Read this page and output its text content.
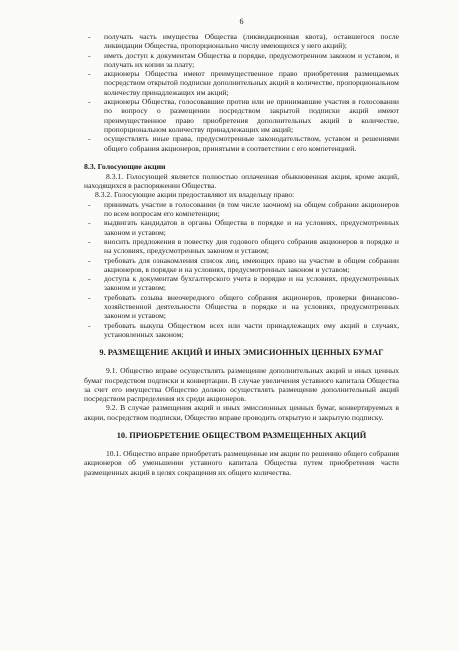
6
- получать часть имущества Общества (ликвидационная квота), оставшегося после ликвидации Общества, пропорционально числу имеющихся у него акций);
- иметь доступ к документам Общества в порядке, предусмотренном законом и уставом, и получать их копии за плату;
- акционеры Общества имеют преимущественное право приобретения размещаемых посредством открытой подписки дополнительных акций в количестве, пропорциональном количеству принадлежащих им акций;
- акционеры Общества, голосовавшие против или не принимавшие участия в голосовании по вопросу о размещении посредством закрытой подписки акций имеют преимущественное право приобретения дополнительных акций в количестве, пропорциональном количеству принадлежащих им акций;
- осуществлять иные права, предусмотренные законодательством, уставом и решениями общего собрания акционеров, принятыми в соответствии с его компетенцией.
8.3. Голосующие акции

8.3.1. Голосующей является полностью оплаченная обыкновенная акция, кроме акций, находящихся в распоряжении Общества.

8.3.2. Голосующие акции предоставляют их владельцу право:

- принимать участие в голосовании (в том числе заочном) на общем собрании акционеров по всем вопросам его компетенции;
- выдвигать кандидатов в органы Общества в порядке и на условиях, предусмотренных законом и уставом;
- вносить предложения в повестку дня годового общего собрания акционеров в порядке и на условиях, предусмотренных законом и уставом;
- требовать для ознакомления список лиц, имеющих право на участие в общем собрании акционеров, в порядке и на условиях, предусмотренных законом и уставом;
- доступа к документам бухгалтерского учета в порядке и на условиях, предусмотренных законом и уставом;
- требовать созыва внеочередного общего собрания акционеров, проверки финансово-хозяйственной деятельности Общества в порядке и на условиях, предусмотренных законом и уставом;
- требовать выкупа Обществом всех или части принадлежащих ему акций в случаях, установленных законом;
9. РАЗМЕЩЕНИЕ АКЦИЙ И ИНЫХ ЭМИСИОННЫХ ЦЕННЫХ БУМАГ

9.1. Общество вправе осуществлять размещение дополнительных акций и иных ценных бумаг посредством подписки и конвертации. В случае увеличения уставного капитала Общества за счет его имущества Общество должно осуществлять размещение дополнительный акций посредством распределения их среди акционеров.

9.2. В случае размещения акций и иных эмиссионных ценных бумаг, конвертируемых в акции, посредством подписки, Общество вправе проводить открытую и закрытую подписку.

10. ПРИОБРЕТЕНИЕ ОБЩЕСТВОМ РАЗМЕЩЕННЫХ АКЦИЙ

10.1. Общество вправе приобретать размещенные им акции по решению общего собрания акционеров об уменьшении уставного капитала Общества путем приобретения части размещенных акций в целях сокращения их общего количества.
